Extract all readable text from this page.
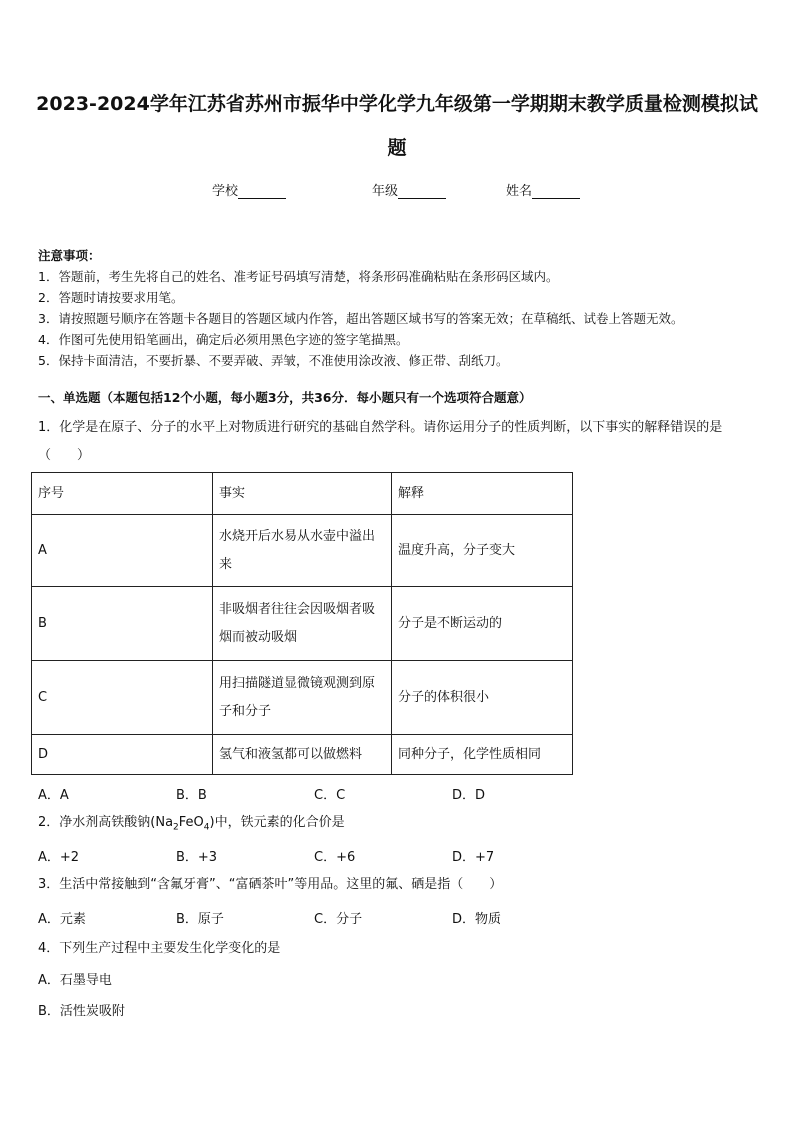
2023-2024学年江苏省苏州市振华中学化学九年级第一学期期末教学质量检测模拟试题
学校	年级	姓名
注意事项：
1．答题前，考生先将自己的姓名、准考证号码填写清楚，将条形码准确粘贴在条形码区域内。
2．答题时请按要求用笔。
3．请按照题号顺序在答题卡各题目的答题区域内作答，超出答题区域书写的答案无效；在草稿纸、试卷上答题无效。
4．作图可先使用铅笔画出，确定后必须用黑色字迹的签字笔描黑。
5．保持卡面清洁，不要折暴、不要弄破、弄皱，不准使用涂改液、修正带、刮纸刀。
一、单选题（本题包括12个小题，每小题3分，共36分．每小题只有一个选项符合题意）
1．化学是在原子、分子的水平上对物质进行研究的基础自然学科。请你运用分子的性质判断，以下事实的解释错误的是（　　）
序号	事实	解释
A	水烧开后水易从水壶中溢出来	温度升高，分子变大
B	非吸烟者往往会因吸烟者吸烟而被动吸烟	分子是不断运动的
C	用扫描隧道显微镜观测到原子和分子	分子的体积很小
D	氢气和液氢都可以做燃料	同种分子，化学性质相同
A．A	B．B	C．C	D．D
2．净水剂高铁酸钠$(Na_2FeO_4)$中，铁元素的化合价是
A．+2	B．+3	C．+6	D．+7
3．生活中常接触到“含氟牙膏”、“富硒茶叶”等用品。这里的氟、硒是指（　　）
A．元素	B．原子	C．分子	D．物质
4．下列生产过程中主要发生化学变化的是
A．石墨导电
B．活性炭吸附
